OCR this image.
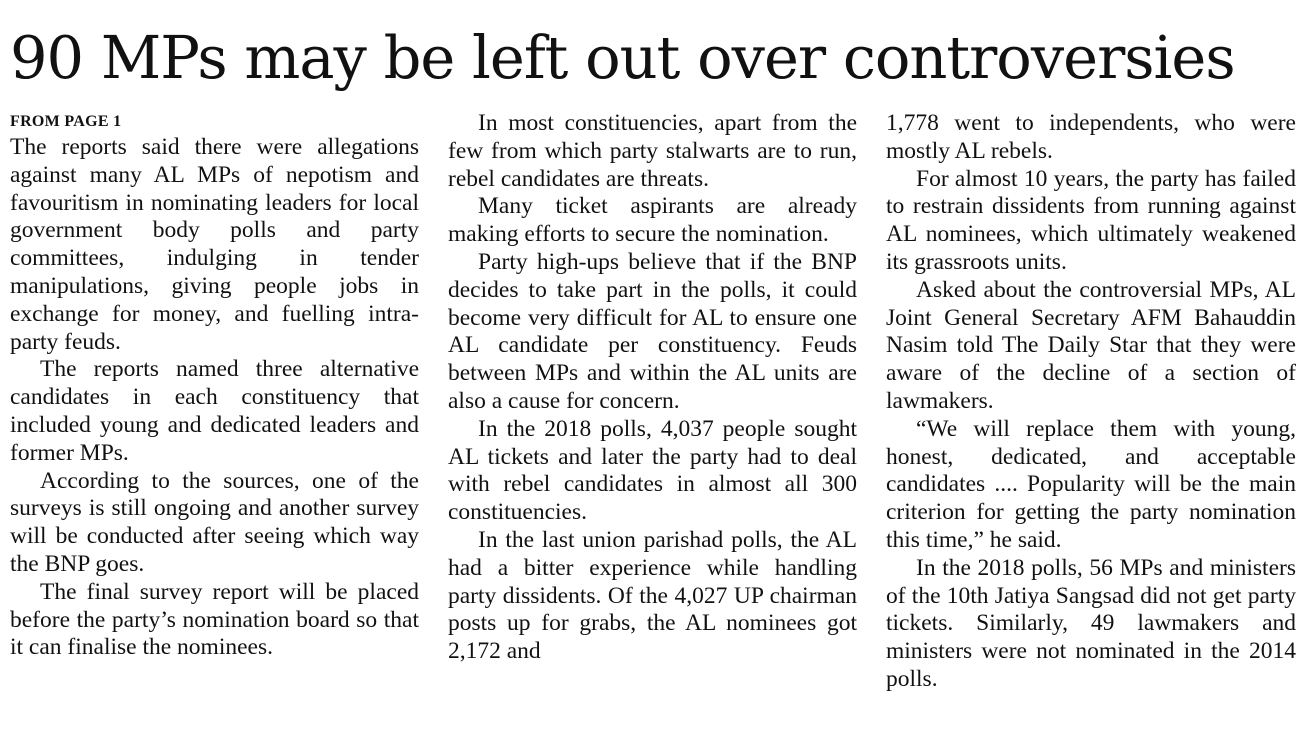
90 MPs may be left out over controversies

FROM PAGE 1

The reports said there were allegations against many AL MPs of nepotism and favouritism in nominating leaders for local government body polls and party committees, indulging in tender manipulations, giving people jobs in exchange for money, and fuelling intra-party feuds.

The reports named three alternative candidates in each constituency that included young and dedicated leaders and former MPs.

According to the sources, one of the surveys is still ongoing and another survey will be conducted after seeing which way the BNP goes.

The final survey report will be placed before the party’s nomination board so that it can finalise the nominees.

In most constituencies, apart from the few from which party stalwarts are to run, rebel candidates are threats.

Many ticket aspirants are already making efforts to secure the nomination.

Party high-ups believe that if the BNP decides to take part in the polls, it could become very difficult for AL to ensure one AL candidate per constituency. Feuds between MPs and within the AL units are also a cause for concern.

In the 2018 polls, 4,037 people sought AL tickets and later the party had to deal with rebel candidates in almost all 300 constituencies.

In the last union parishad polls, the AL had a bitter experience while handling party dissidents. Of the 4,027 UP chairman posts up for grabs, the AL nominees got 2,172 and

1,778 went to independents, who were mostly AL rebels.

For almost 10 years, the party has failed to restrain dissidents from running against AL nominees, which ultimately weakened its grassroots units.

Asked about the controversial MPs, AL Joint General Secretary AFM Bahauddin Nasim told The Daily Star that they were aware of the decline of a section of lawmakers.

“We will replace them with young, honest, dedicated, and acceptable candidates .... Popularity will be the main criterion for getting the party nomination this time,” he said.

In the 2018 polls, 56 MPs and ministers of the 10th Jatiya Sangsad did not get party tickets. Similarly, 49 lawmakers and ministers were not nominated in the 2014 polls.
